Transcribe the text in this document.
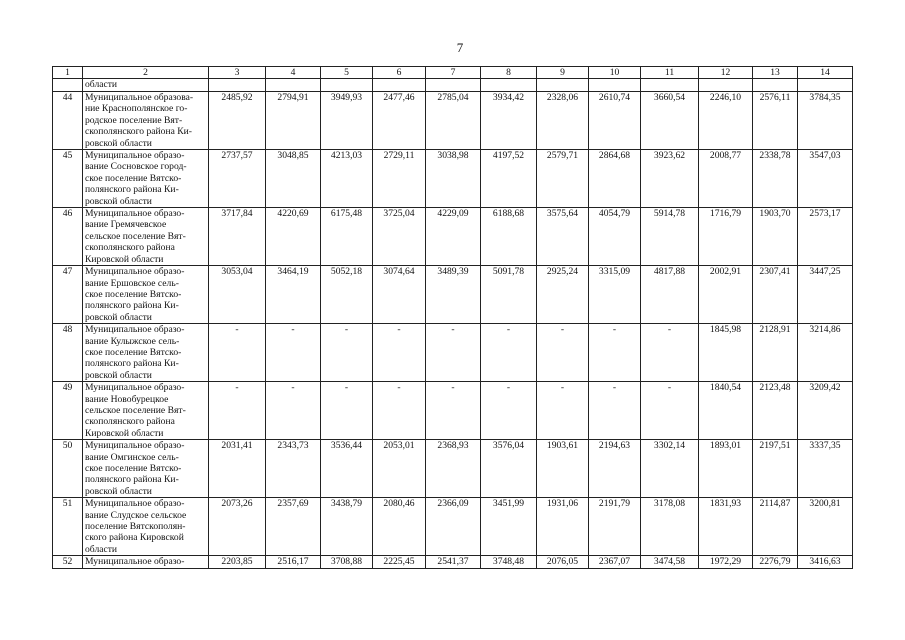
7
1	2	3	4	5	6	7	8	9	10	11	12	13	14
	области												
44	Муниципальное образова-
ние Краснополянское го-
родское поселение Вят-
скополянского района Ки-
ровской области	2485,92	2794,91	3949,93	2477,46	2785,04	3934,42	2328,06	2610,74	3660,54	2246,10	2576,11	3784,35
45	Муниципальное образо-
вание Сосновское город-
ское поселение Вятско-
полянского района Ки-
ровской области	2737,57	3048,85	4213,03	2729,11	3038,98	4197,52	2579,71	2864,68	3923,62	2008,77	2338,78	3547,03
46	Муниципальное образо-
вание Гремячевское
сельское поселение Вят-
скополянского района
Кировской области	3717,84	4220,69	6175,48	3725,04	4229,09	6188,68	3575,64	4054,79	5914,78	1716,79	1903,70	2573,17
47	Муниципальное образо-
вание Ершовское сель-
ское поселение Вятско-
полянского района Ки-
ровской области	3053,04	3464,19	5052,18	3074,64	3489,39	5091,78	2925,24	3315,09	4817,88	2002,91	2307,41	3447,25
48	Муниципальное образо-
вание Кулыжское сель-
ское поселение Вятско-
полянского района Ки-
ровской области	-	-	-	-	-	-	-	-	-	1845,98	2128,91	3214,86
49	Муниципальное образо-
вание Новобурецкое
сельское поселение Вят-
скополянского района
Кировской области	-	-	-	-	-	-	-	-	-	1840,54	2123,48	3209,42
50	Муниципальное образо-
вание Омгинское сель-
ское поселение Вятско-
полянского района Ки-
ровской области	2031,41	2343,73	3536,44	2053,01	2368,93	3576,04	1903,61	2194,63	3302,14	1893,01	2197,51	3337,35
51	Муниципальное образо-
вание Слудское сельское
поселение Вятскополян-
ского района Кировской
области	2073,26	2357,69	3438,79	2080,46	2366,09	3451,99	1931,06	2191,79	3178,08	1831,93	2114,87	3200,81
52	Муниципальное образо-	2203,85	2516,17	3708,88	2225,45	2541,37	3748,48	2076,05	2367,07	3474,58	1972,29	2276,79	3416,63
